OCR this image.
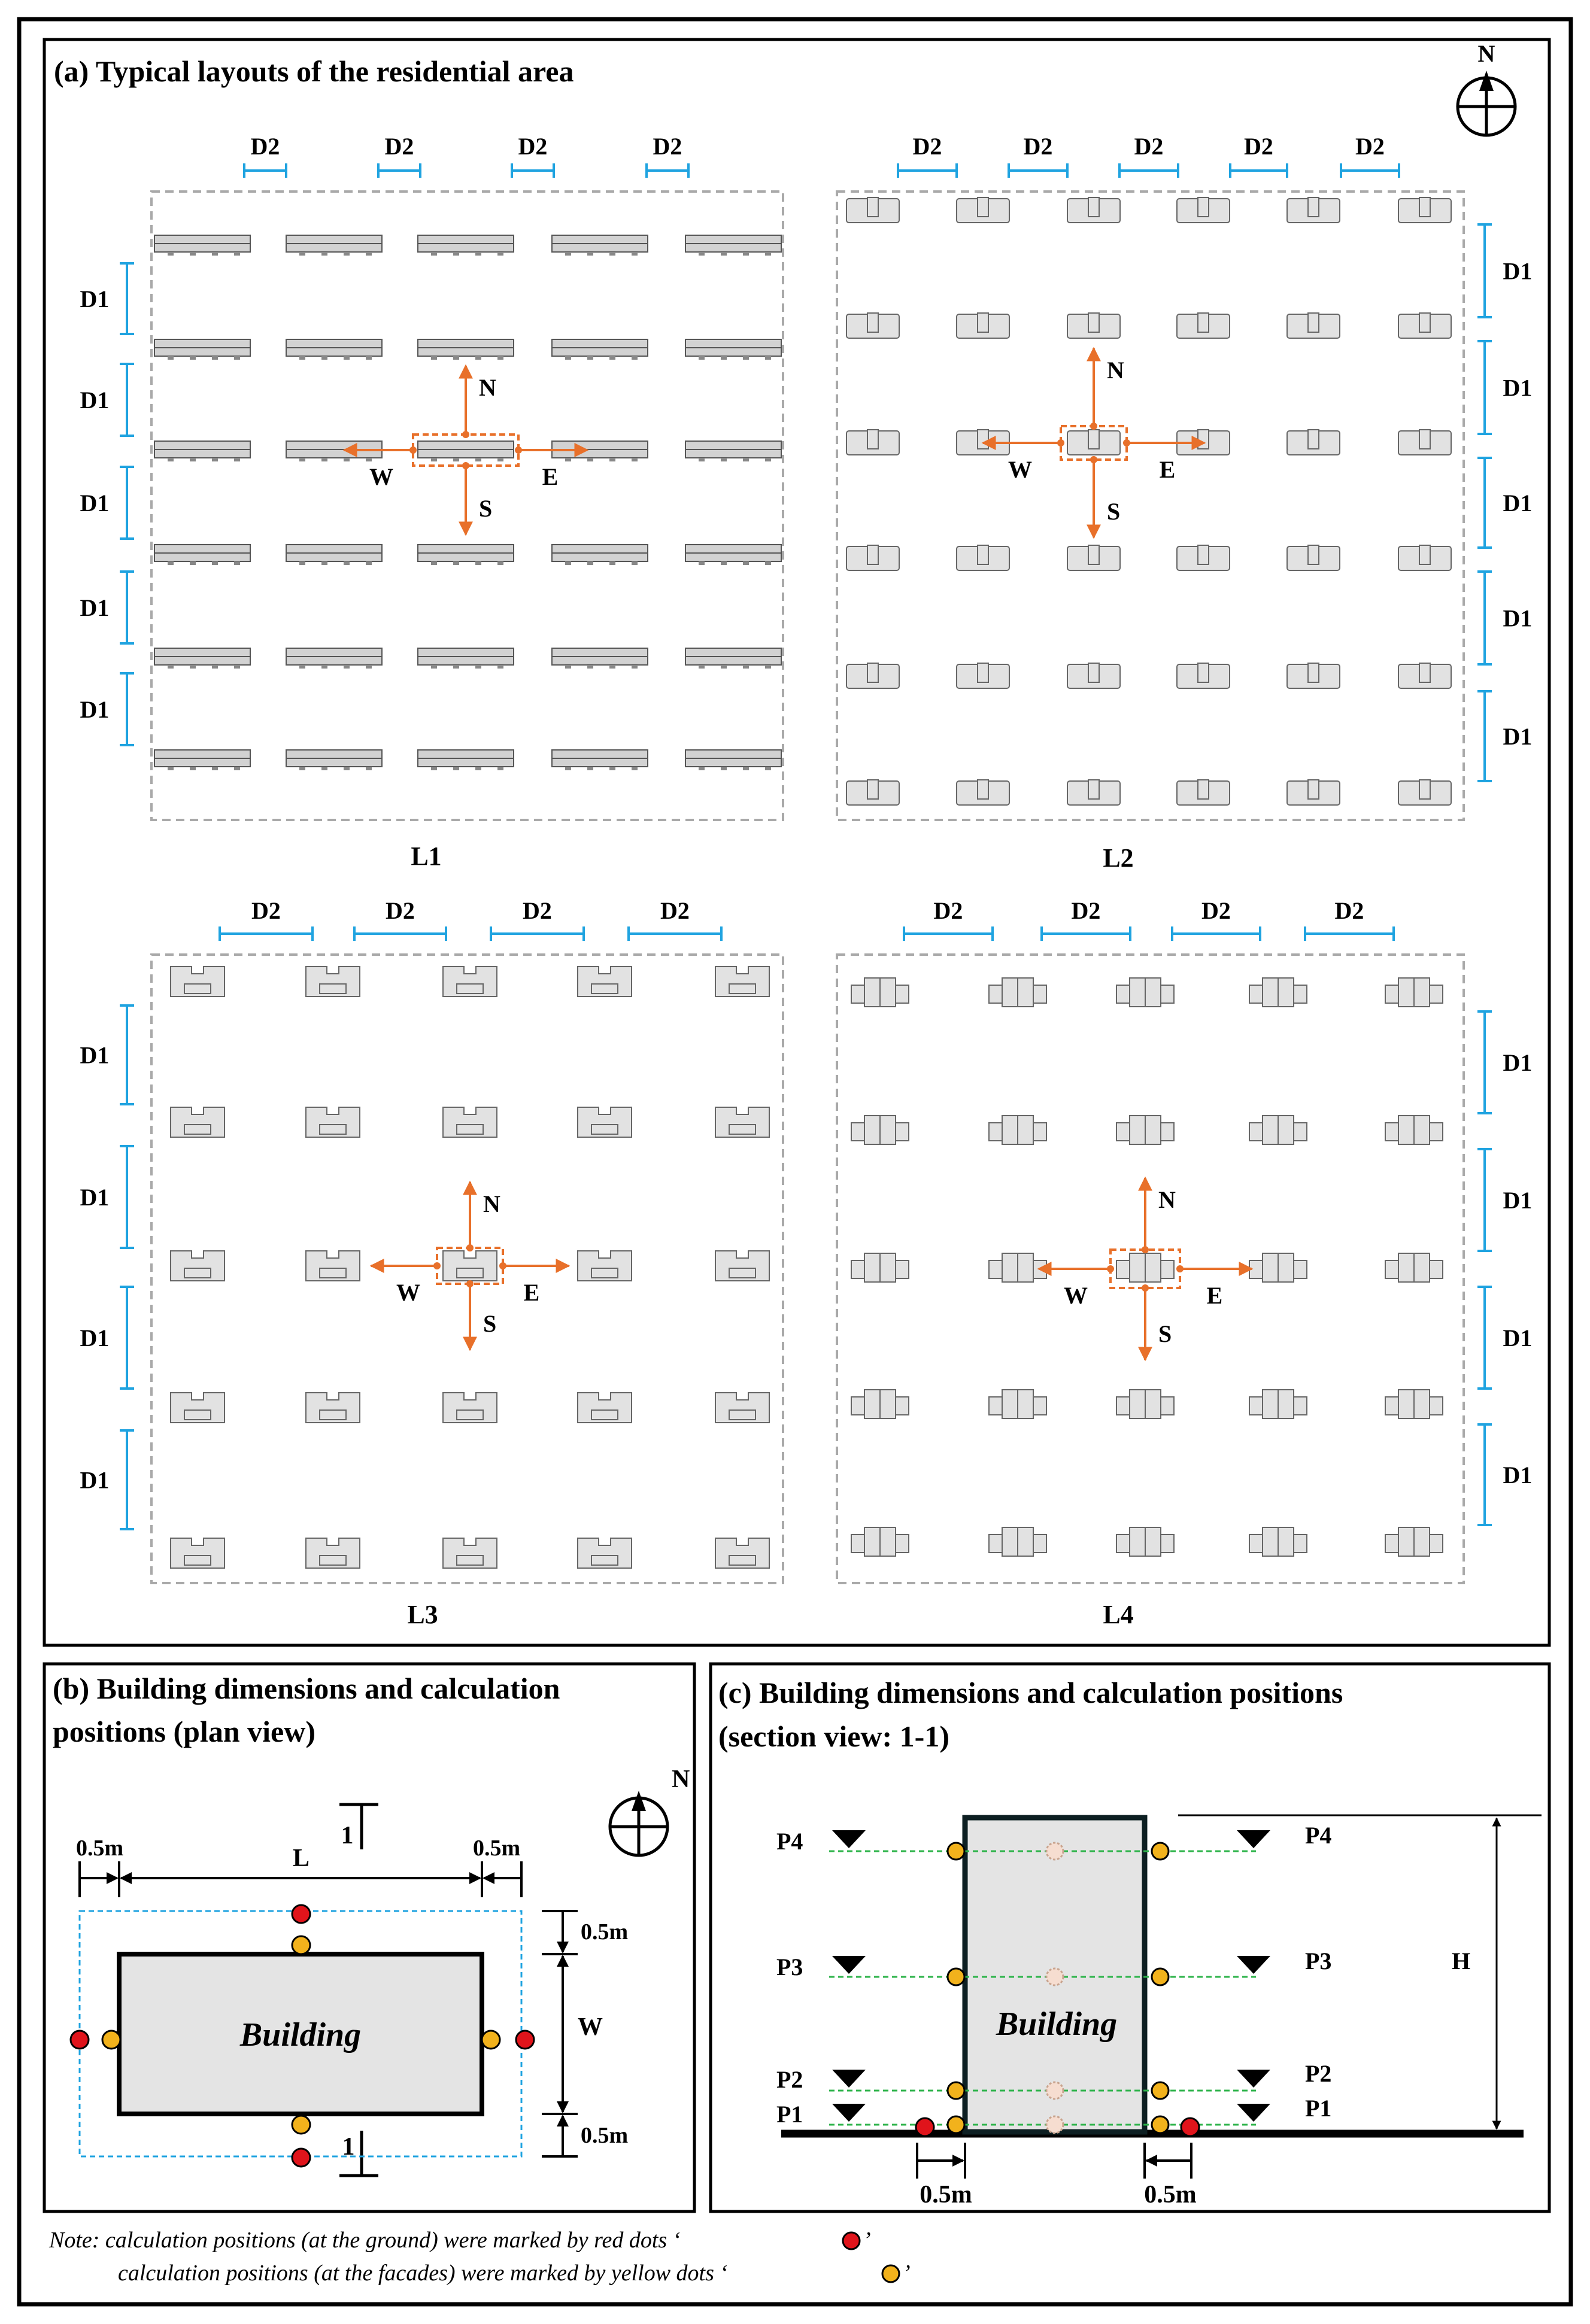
(a) Typical layouts of the residential area
N
L1	L2
L3	L4
D2	D2	D2	D2
D1
D1
D1
D1
D1
N
S
E
W
D2	D2	D2	D2	D2
D1
D1
D1
D1
D1
N
S
E
W
D2	D2	D2	D2
D1
D1
D1
D1
N
S
E
W
D2	D2	D2	D2
D1
D1
D1
D1
N
S
E
W
(b) Building dimensions and calculation
positions (plan view)
N
1
1
0.5m	L	0.5m
0.5m
W
0.5m
Building
(c) Building dimensions and calculation positions
(section view: 1-1)
H
Building
P4	P4
P3	P3
P2	P2
P1	P1
0.5m	0.5m
Note: calculation positions (at the ground) were marked by red dots ‘	’
calculation positions (at the facades) were marked by yellow dots ‘	’
